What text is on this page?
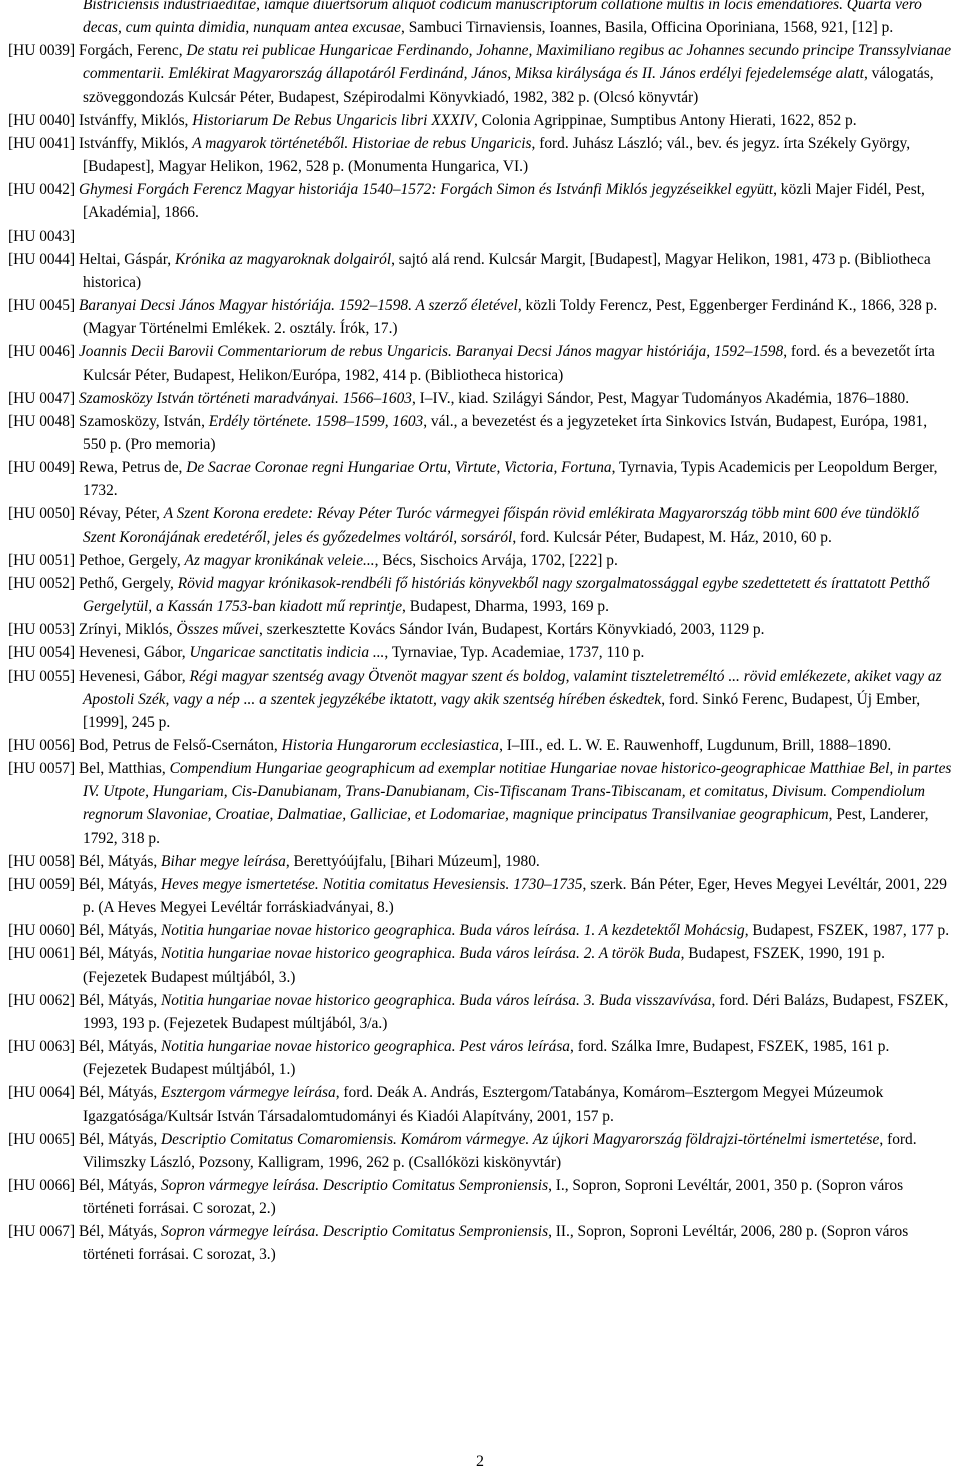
Bistriciensis industriaeditae, iamque diuertsorum aliquot codicum manuscriptorum collatione multis in locis emendatiores. Quarta vero decas, cum quinta dimidia, nunquam antea excusae, Sambuci Tirnaviensis, Ioannes, Basila, Officina Oporiniana, 1568, 921, [12] p.

[HU 0039] Forgách, Ferenc, De statu rei publicae Hungaricae Ferdinando, Johanne, Maximiliano regibus ac Johannes secundo principe Transsylvianae commentarii. Emlékirat Magyarország állapotáról Ferdinánd, János, Miksa királysága és II. János erdélyi fejedelemsége alatt, válogatás, szöveggondozás Kulcsár Péter, Budapest, Szépirodalmi Könyvkiadó, 1982, 382 p. (Olcsó könyvtár)

[HU 0040] Istvánffy, Miklós, Historiarum De Rebus Ungaricis libri XXXIV, Colonia Agrippinae, Sumptibus Antony Hierati, 1622, 852 p.

[HU 0041] Istvánffy, Miklós, A magyarok történetéből. Historiae de rebus Ungaricis, ford. Juhász László; vál., bev. és jegyz. írta Székely György, [Budapest], Magyar Helikon, 1962, 528 p. (Monumenta Hungarica, VI.)

[HU 0042] Ghymesi Forgách Ferencz Magyar historiája 1540–1572: Forgách Simon és Istvánfi Miklós jegyzéseikkel együtt, közli Majer Fidél, Pest, [Akadémia], 1866.

[HU 0043]

[HU 0044] Heltai, Gáspár, Krónika az magyaroknak dolgairól, sajtó alá rend. Kulcsár Margit, [Budapest], Magyar Helikon, 1981, 473 p. (Bibliotheca historica)

[HU 0045] Baranyai Decsi János Magyar históriája. 1592–1598. A szerző életével, közli Toldy Ferencz, Pest, Eggenberger Ferdinánd K., 1866, 328 p. (Magyar Történelmi Emlékek. 2. osztály. Írók, 17.)

[HU 0046] Joannis Decii Barovii Commentariorum de rebus Ungaricis. Baranyai Decsi János magyar históriája, 1592–1598, ford. és a bevezetőt írta Kulcsár Péter, Budapest, Helikon/Európa, 1982, 414 p. (Bibliotheca historica)

[HU 0047] Szamosközy István történeti maradványai. 1566–1603, I–IV., kiad. Szilágyi Sándor, Pest, Magyar Tudományos Akadémia, 1876–1880.

[HU 0048] Szamosközy, István, Erdély története. 1598–1599, 1603, vál., a bevezetést és a jegyzeteket írta Sinkovics István, Budapest, Európa, 1981, 550 p. (Pro memoria)

[HU 0049] Rewa, Petrus de, De Sacrae Coronae regni Hungariae Ortu, Virtute, Victoria, Fortuna, Tyrnavia, Typis Academicis per Leopoldum Berger, 1732.

[HU 0050] Révay, Péter, A Szent Korona eredete: Révay Péter Turóc vármegyei főispán rövid emlékirata Magyarország több mint 600 éve tündöklő Szent Koronájának eredetéről, jeles és győzedelmes voltáról, sorsáról, ford. Kulcsár Péter, Budapest, M. Ház, 2010, 60 p.

[HU 0051] Pethoe, Gergely, Az magyar kronikának veleie..., Bécs, Sischoics Arvája, 1702, [222] p.

[HU 0052] Pethő, Gergely, Rövid magyar krónikasok-rendbéli fő históriás könyvekből nagy szorgalmatossággal egybe szedettetett és írattatott Petthő Gergelytül, a Kassán 1753-ban kiadott mű reprintje, Budapest, Dharma, 1993, 169 p.

[HU 0053] Zrínyi, Miklós, Összes művei, szerkesztette Kovács Sándor Iván, Budapest, Kortárs Könyvkiadó, 2003, 1129 p.

[HU 0054] Hevenesi, Gábor, Ungaricae sanctitatis indicia ..., Tyrnaviae, Typ. Academiae, 1737, 110 p.

[HU 0055] Hevenesi, Gábor, Régi magyar szentség avagy Ötvenöt magyar szent és boldog, valamint tiszteletreméltó ... rövid emlékezete, akiket vagy az Apostoli Szék, vagy a nép ... a szentek jegyzékébe iktatott, vagy akik szentség hírében éskedtek, ford. Sinkó Ferenc, Budapest, Új Ember, [1999], 245 p.

[HU 0056] Bod, Petrus de Felső-Csernáton, Historia Hungarorum ecclesiastica, I–III., ed. L. W. E. Rauwenhoff, Lugdunum, Brill, 1888–1890.

[HU 0057] Bel, Matthias, Compendium Hungariae geographicum ad exemplar notitiae Hungariae novae historico-geographicae Matthiae Bel, in partes IV. Utpote, Hungariam, Cis-Danubianam, Trans-Danubianam, Cis-Tifiscanam Trans-Tibiscanam, et comitatus, Divisum. Compendiolum regnorum Slavoniae, Croatiae, Dalmatiae, Galliciae, et Lodomariae, magnique principatus Transilvaniae geographicum, Pest, Landerer, 1792, 318 p.

[HU 0058] Bél, Mátyás, Bihar megye leírása, Berettyóújfalu, [Bihari Múzeum], 1980.

[HU 0059] Bél, Mátyás, Heves megye ismertetése. Notitia comitatus Hevesiensis. 1730–1735, szerk. Bán Péter, Eger, Heves Megyei Levéltár, 2001, 229 p. (A Heves Megyei Levéltár forráskiadványai, 8.)

[HU 0060] Bél, Mátyás, Notitia hungariae novae historico geographica. Buda város leírása. 1. A kezdetektől Mohácsig, Budapest, FSZEK, 1987, 177 p.

[HU 0061] Bél, Mátyás, Notitia hungariae novae historico geographica. Buda város leírása. 2. A török Buda, Budapest, FSZEK, 1990, 191 p. (Fejezetek Budapest múltjából, 3.)

[HU 0062] Bél, Mátyás, Notitia hungariae novae historico geographica. Buda város leírása. 3. Buda visszavívása, ford. Déri Balázs, Budapest, FSZEK, 1993, 193 p. (Fejezetek Budapest múltjából, 3/a.)

[HU 0063] Bél, Mátyás, Notitia hungariae novae historico geographica. Pest város leírása, ford. Szálka Imre, Budapest, FSZEK, 1985, 161 p. (Fejezetek Budapest múltjából, 1.)

[HU 0064] Bél, Mátyás, Esztergom vármegye leírása, ford. Deák A. András, Esztergom/Tatabánya, Komárom–Esztergom Megyei Múzeumok Igazgatósága/Kultsár István Társadalomtudományi és Kiadói Alapítvány, 2001, 157 p.

[HU 0065] Bél, Mátyás, Descriptio Comitatus Comaromiensis. Komárom vármegye. Az újkori Magyarország földrajzi-történelmi ismertetése, ford. Vilimszky László, Pozsony, Kalligram, 1996, 262 p. (Csallóközi kiskönyvtár)

[HU 0066] Bél, Mátyás, Sopron vármegye leírása. Descriptio Comitatus Semproniensis, I., Sopron, Soproni Levéltár, 2001, 350 p. (Sopron város történeti forrásai. C sorozat, 2.)

[HU 0067] Bél, Mátyás, Sopron vármegye leírása. Descriptio Comitatus Semproniensis, II., Sopron, Soproni Levéltár, 2006, 280 p. (Sopron város történeti forrásai. C sorozat, 3.)

2
